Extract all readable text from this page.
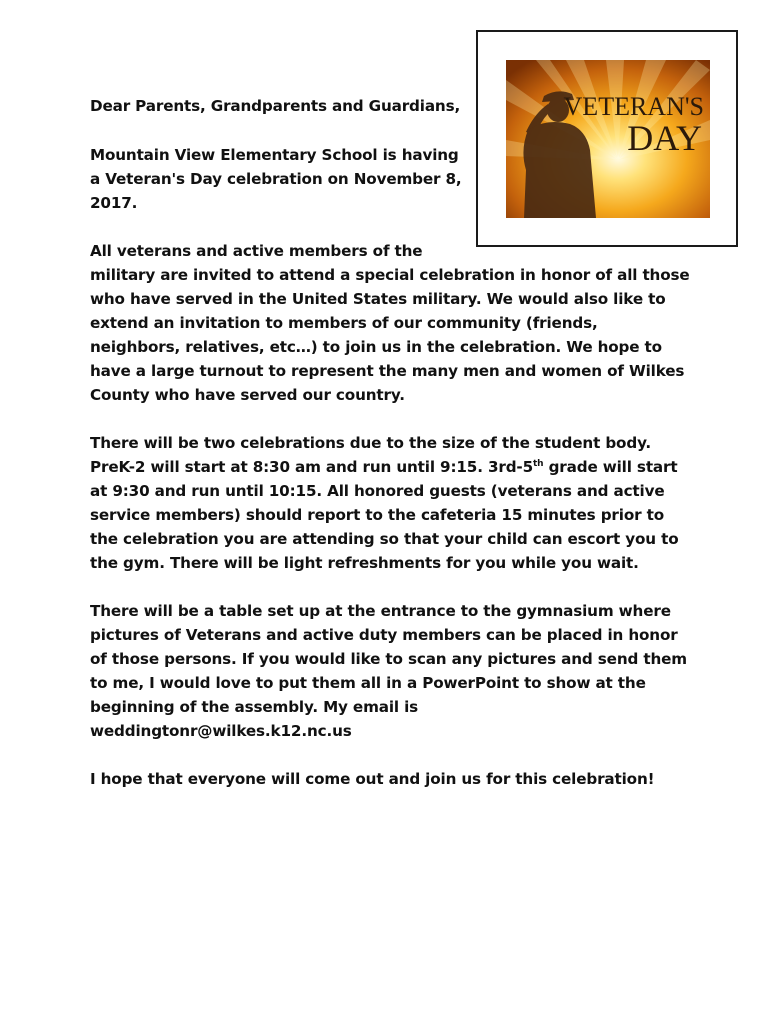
VETERAN'S
DAY
Dear Parents, Grandparents and Guardians,
Mountain View Elementary School is having
a Veteran's Day celebration on November 8,
2017.
All veterans and active members of the
military are invited to attend a special celebration in honor of all those
who have served in the United States military. We would also like to
extend an invitation to members of our community (friends,
neighbors, relatives, etc…) to join us in the celebration. We hope to
have a large turnout to represent the many men and women of Wilkes
County who have served our country.
There will be two celebrations due to the size of the student body.
PreK-2 will start at 8:30 am and run until 9:15. 3rd-5th grade will start
at 9:30 and run until 10:15. All honored guests (veterans and active
service members) should report to the cafeteria 15 minutes prior to
the celebration you are attending so that your child can escort you to
the gym. There will be light refreshments for you while you wait.
There will be a table set up at the entrance to the gymnasium where
pictures of Veterans and active duty members can be placed in honor
of those persons. If you would like to scan any pictures and send them
to me, I would love to put them all in a PowerPoint to show at the
beginning of the assembly. My email is
weddingtonr@wilkes.k12.nc.us
I hope that everyone will come out and join us for this celebration!
